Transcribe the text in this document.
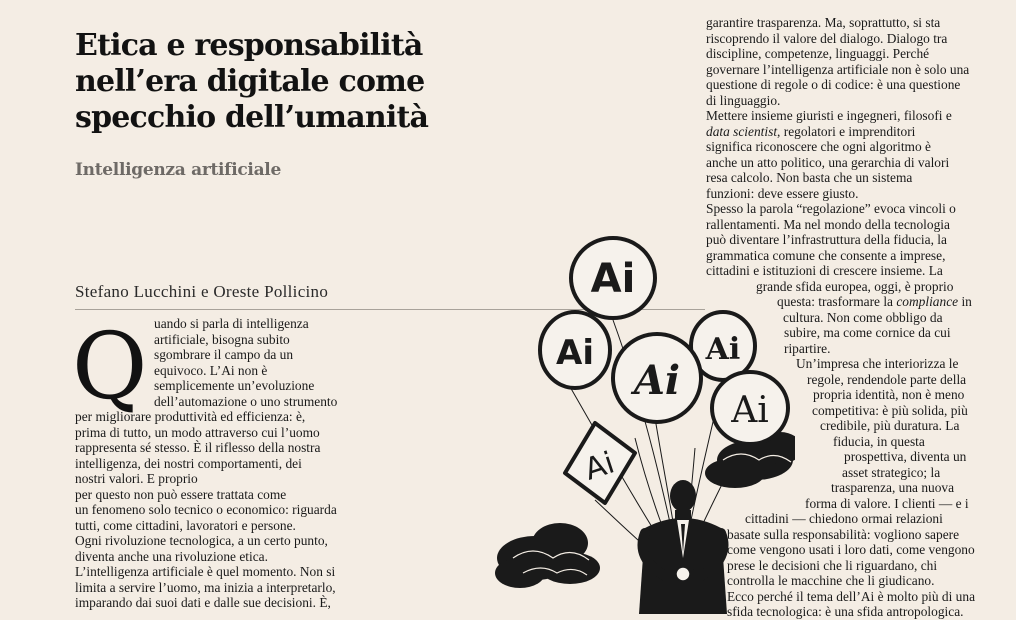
Etica e responsabilità
nell’era digitale come
specchio dell’umanità
Intelligenza artificiale
Stefano Lucchini e Oreste Pollicino
Q uando si parla di intelligenza
artificiale, bisogna subito
sgombrare il campo da un
equivoco. L’Ai non è
semplicemente un’evoluzione
dell’automazione o uno strumento
per migliorare produttività ed efficienza: è,
prima di tutto, un modo attraverso cui l’uomo
rappresenta sé stesso. È il riflesso della nostra
intelligenza, dei nostri comportamenti, dei
nostri valori. E proprio
per questo non può essere trattata come
un fenomeno solo tecnico o economico: riguarda
tutti, come cittadini, lavoratori e persone.
Ogni rivoluzione tecnologica, a un certo punto,
diventa anche una rivoluzione etica.
L’intelligenza artificiale è quel momento. Non si
limita a servire l’uomo, ma inizia a interpretarlo,
imparando dai suoi dati e dalle sue decisioni. È,
garantire trasparenza. Ma, soprattutto, si sta
riscoprendo il valore del dialogo. Dialogo tra
discipline, competenze, linguaggi. Perché
governare l’intelligenza artificiale non è solo una
questione di regole o di codice: è una questione
di linguaggio.
Mettere insieme giuristi e ingegneri, filosofi e
data scientist, regolatori e imprenditori
significa riconoscere che ogni algoritmo è
anche un atto politico, una gerarchia di valori
resa calcolo. Non basta che un sistema
funzioni: deve essere giusto.
Spesso la parola “regolazione” evoca vincoli o
rallentamenti. Ma nel mondo della tecnologia
può diventare l’infrastruttura della fiducia, la
grammatica comune che consente a imprese,
cittadini e istituzioni di crescere insieme. La
grande sfida europea, oggi, è proprio
questa: trasformare la compliance in
cultura. Non come obbligo da
subire, ma come cornice da cui
ripartire.
Un’impresa che interiorizza le
regole, rendendole parte della
propria identità, non è meno
competitiva: è più solida, più
credibile, più duratura. La
fiducia, in questa
prospettiva, diventa un
asset strategico; la
trasparenza, una nuova
forma di valore. I clienti — e i
cittadini — chiedono ormai relazioni
basate sulla responsabilità: vogliono sapere
come vengono usati i loro dati, come vengono
prese le decisioni che li riguardano, chi
controlla le macchine che li giudicano.
Ecco perché il tema dell’Ai è molto più di una
sfida tecnologica: è una sfida antropologica.
Ai
Ai	Ai
Ai
Ai
Ai
